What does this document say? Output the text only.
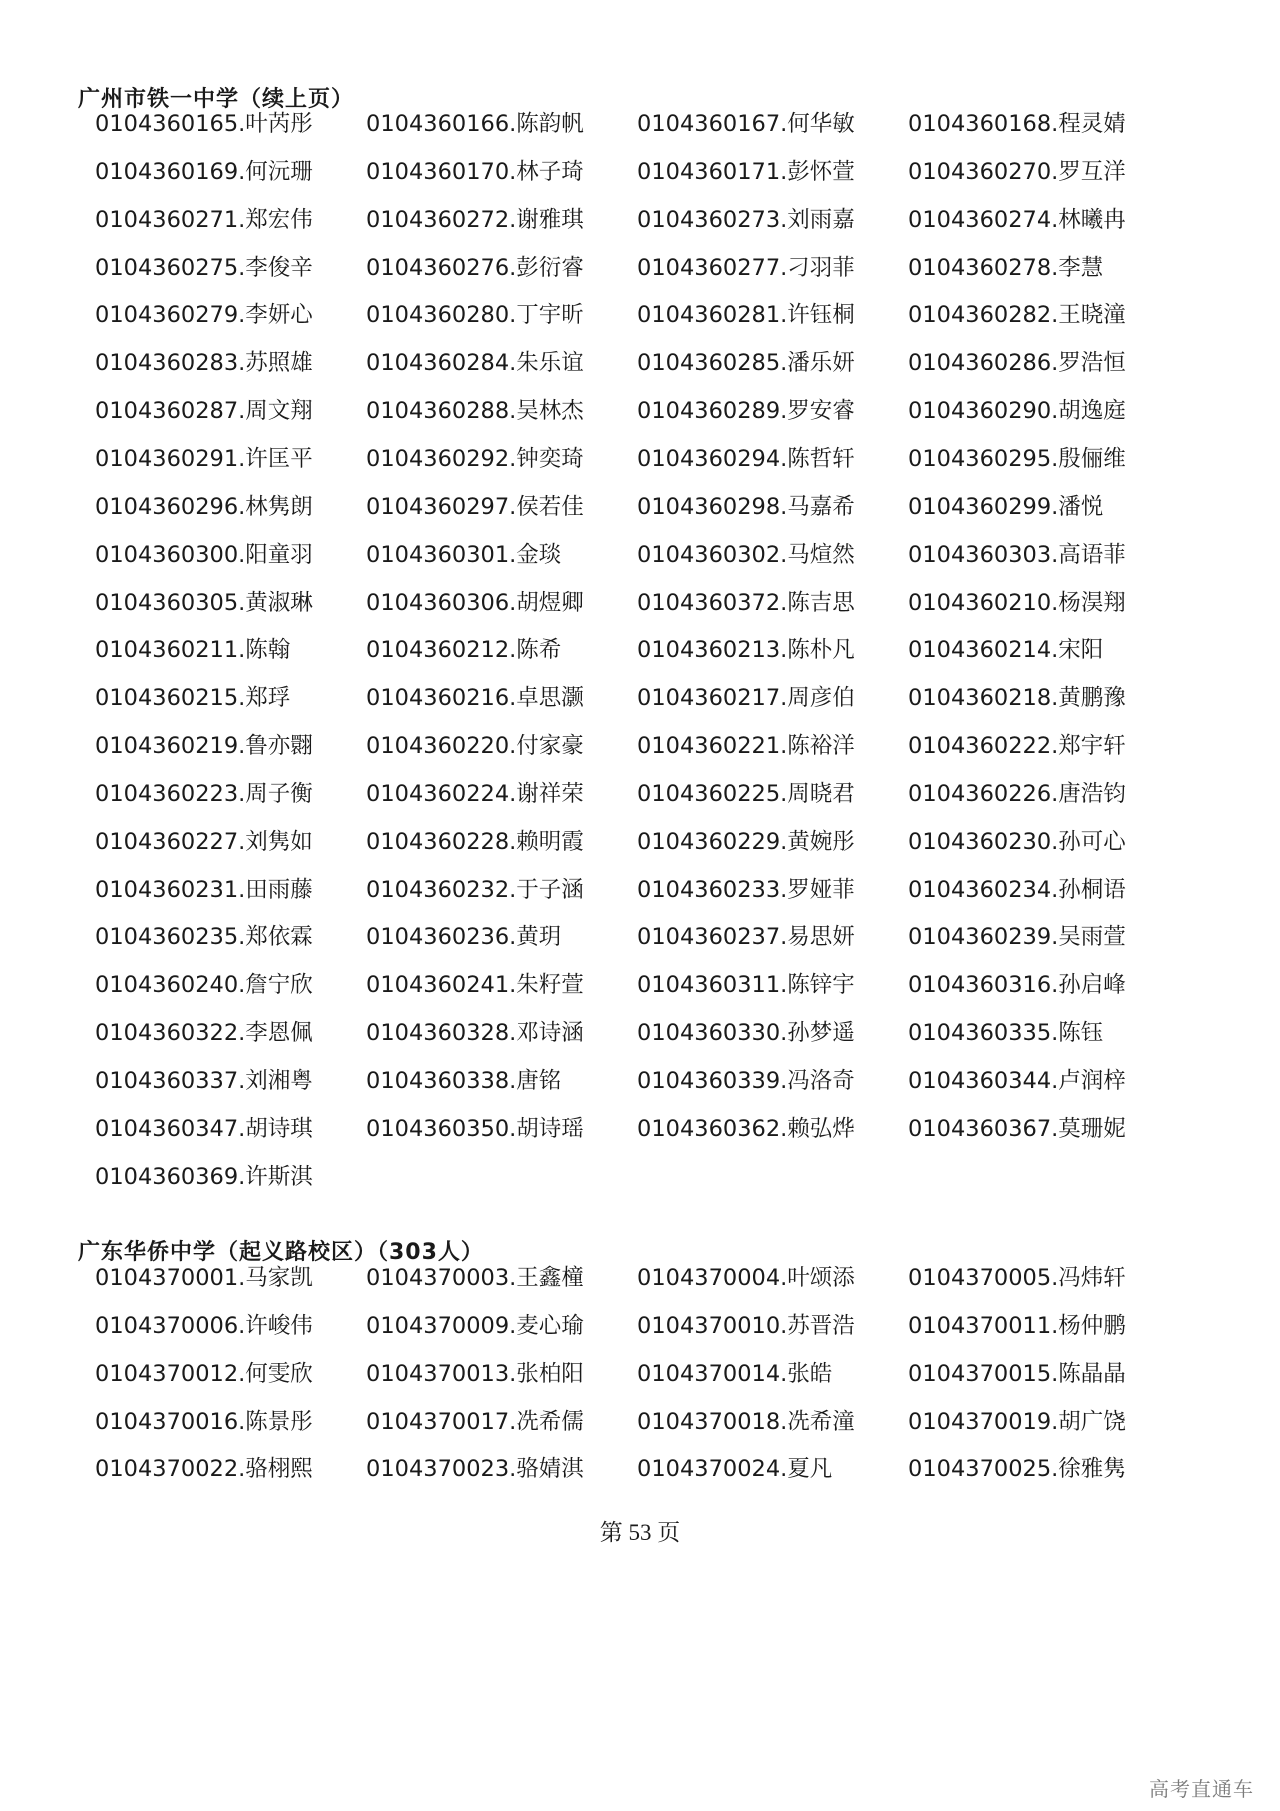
广州市铁一中学（续上页）
0104360165.叶芮彤 0104360166.陈韵帆 0104360167.何华敏 0104360168.程灵婧
0104360169.何沅珊 0104360170.林子琦 0104360171.彭怀萱 0104360270.罗互洋
0104360271.郑宏伟 0104360272.谢雅琪 0104360273.刘雨嘉 0104360274.林曦冉
0104360275.李俊辛 0104360276.彭衍睿 0104360277.刁羽菲 0104360278.李慧
0104360279.李妍心 0104360280.丁宇昕 0104360281.许钰桐 0104360282.王晓潼
0104360283.苏照雄 0104360284.朱乐谊 0104360285.潘乐妍 0104360286.罗浩恒
0104360287.周文翔 0104360288.吴林杰 0104360289.罗安睿 0104360290.胡逸庭
0104360291.许匡平 0104360292.钟奕琦 0104360294.陈哲轩 0104360295.殷俪维
0104360296.林隽朗 0104360297.侯若佳 0104360298.马嘉希 0104360299.潘悦
0104360300.阳童羽 0104360301.金琰	0104360302.马煊然 0104360303.高语菲
0104360305.黄淑琳 0104360306.胡煜卿 0104360372.陈吉思 0104360210.杨淏翔
0104360211.陈翰	0104360212.陈希	0104360213.陈朴凡 0104360214.宋阳
0104360215.郑琈	0104360216.卓思灏 0104360217.周彦伯 0104360218.黄鹏豫
0104360219.鲁亦翾 0104360220.付家豪 0104360221.陈裕洋 0104360222.郑宇轩
0104360223.周子衡 0104360224.谢祥荣 0104360225.周晓君 0104360226.唐浩钧
0104360227.刘隽如 0104360228.赖明霞 0104360229.黄婉彤 0104360230.孙可心
0104360231.田雨藤 0104360232.于子涵 0104360233.罗娅菲 0104360234.孙桐语
0104360235.郑依霖 0104360236.黄玥	0104360237.易思妍 0104360239.吴雨萱
0104360240.詹宁欣 0104360241.朱籽萱 0104360311.陈锌宇 0104360316.孙启峰
0104360322.李恩佩 0104360328.邓诗涵 0104360330.孙梦遥 0104360335.陈钰
0104360337.刘湘粤 0104360338.唐铭	0104360339.冯洛奇 0104360344.卢润梓
0104360347.胡诗琪 0104360350.胡诗瑶 0104360362.赖弘烨 0104360367.莫珊妮
0104360369.许斯淇
广东华侨中学（起义路校区）（303人）
0104370001.马家凯 0104370003.王鑫橦 0104370004.叶颂添 0104370005.冯炜轩
0104370006.许峻伟 0104370009.麦心瑜 0104370010.苏晋浩 0104370011.杨仲鹏
0104370012.何雯欣 0104370013.张柏阳 0104370014.张皓	0104370015.陈晶晶
0104370016.陈景彤 0104370017.冼希儒 0104370018.冼希潼 0104370019.胡广饶
0104370022.骆栩熙 0104370023.骆婧淇 0104370024.夏凡	0104370025.徐雅隽
第 53 页
高考直通车
